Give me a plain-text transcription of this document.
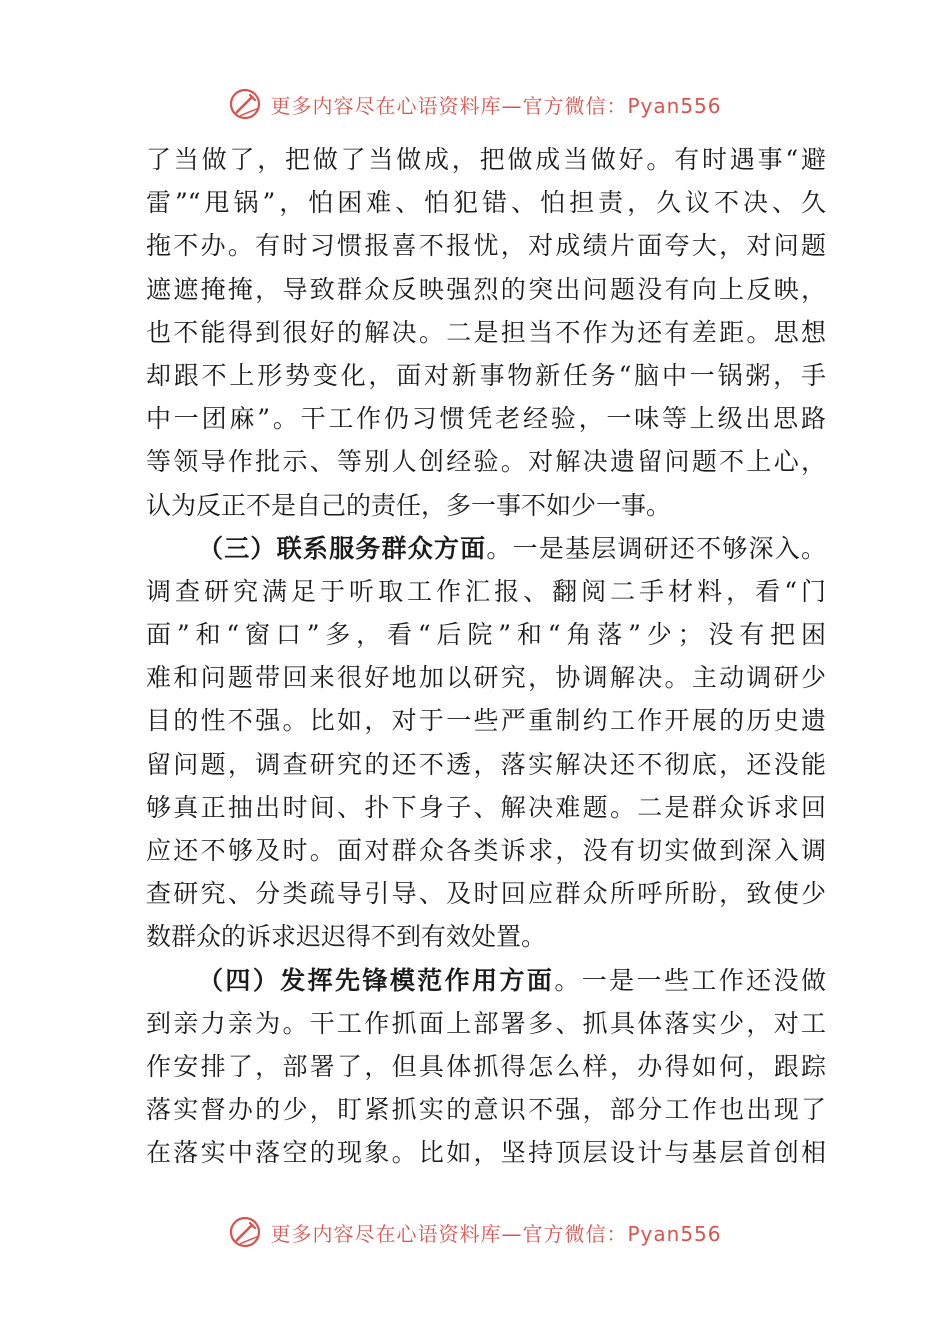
更多内容尽在心语资料库—官方微信：Pyan556
了当做了，把做了当做成，把做成当做好。有时遇事“避
雷”“甩锅”，怕困难、怕犯错、怕担责，久议不决、久
拖不办。有时习惯报喜不报忧，对成绩片面夸大，对问题
遮遮掩掩，导致群众反映强烈的突出问题没有向上反映，
也不能得到很好的解决。二是担当不作为还有差距。思想
却跟不上形势变化，面对新事物新任务“脑中一锅粥，手
中一团麻”。干工作仍习惯凭老经验，一味等上级出思路
等领导作批示、等别人创经验。对解决遗留问题不上心，
认为反正不是自己的责任，多一事不如少一事。
（三）联系服务群众方面。一是基层调研还不够深入。
调查研究满足于听取工作汇报、翻阅二手材料，看“门
面”和“窗口”多，看“后院”和“角落”少；没有把困
难和问题带回来很好地加以研究，协调解决。主动调研少
目的性不强。比如，对于一些严重制约工作开展的历史遗
留问题，调查研究的还不透，落实解决还不彻底，还没能
够真正抽出时间、扑下身子、解决难题。二是群众诉求回
应还不够及时。面对群众各类诉求，没有切实做到深入调
查研究、分类疏导引导、及时回应群众所呼所盼，致使少
数群众的诉求迟迟得不到有效处置。
（四）发挥先锋模范作用方面。一是一些工作还没做
到亲力亲为。干工作抓面上部署多、抓具体落实少，对工
作安排了，部署了，但具体抓得怎么样，办得如何，跟踪
落实督办的少，盯紧抓实的意识不强，部分工作也出现了
在落实中落空的现象。比如，坚持顶层设计与基层首创相
更多内容尽在心语资料库—官方微信：Pyan556
